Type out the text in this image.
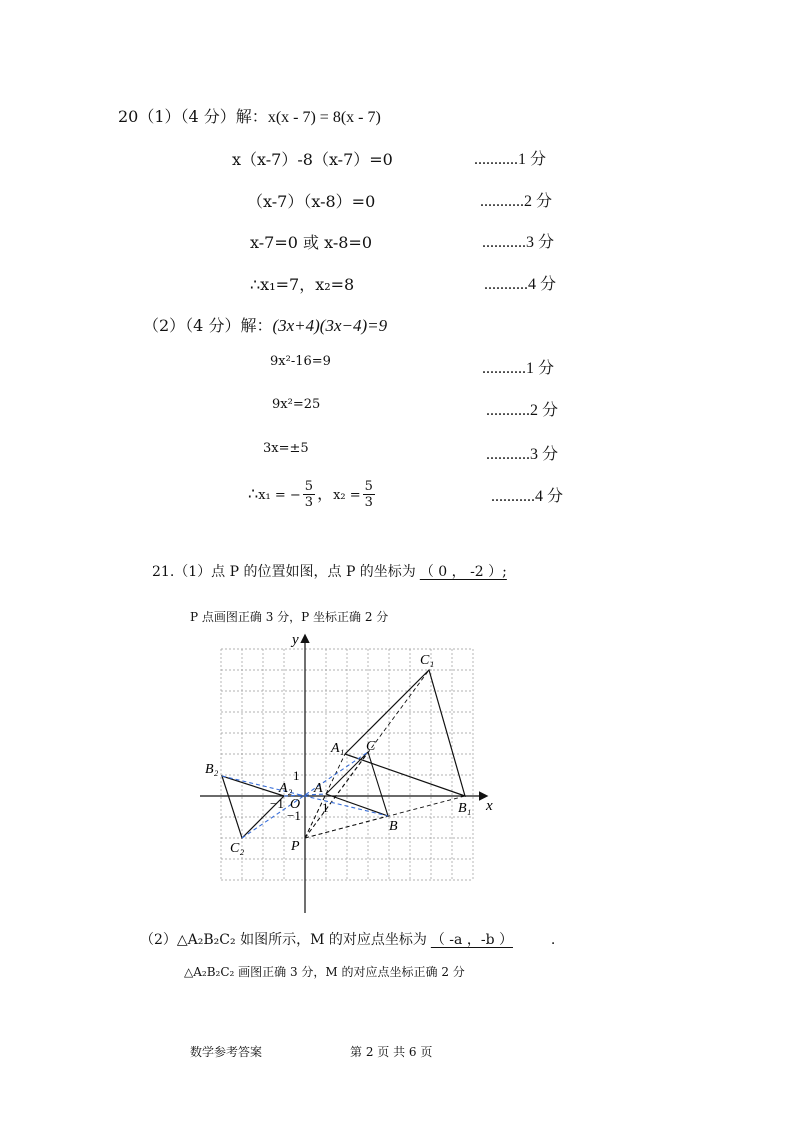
20（1）（4 分）解：x(x - 7) = 8(x - 7)
x（x-7）-8（x-7）=0	...........1 分
（x-7）（x-8）=0	...........2 分
x-7=0 或 x-8=0	...........3 分
∴x₁=7，x₂=8	...........4 分
（2）（4 分）解：(3x+4)(3x−4)=9
9x²-16=9	...........1 分
9x²=25	...........2 分
3x=±5	...........3 分
∴x₁ = − $\frac{5}{3}$ ，$x_2 = \frac{5}{3}$	...........4 分
21.（1）点 P 的位置如图，点 P 的坐标为 （ 0 ， -2 ）;
P 点画图正确 3 分，P 坐标正确 2 分
y
x
O
1
−1
−1
1
A
B
C
P
A₁
B₁
C₁
A₂
B₂
C₂
（2）△A₂B₂C₂ 如图所示，M 的对应点坐标为 （ -a ，-b ）	.
△A₂B₂C₂ 画图正确 3 分，M 的对应点坐标正确 2 分
数学参考答案	第 2 页 共 6 页
